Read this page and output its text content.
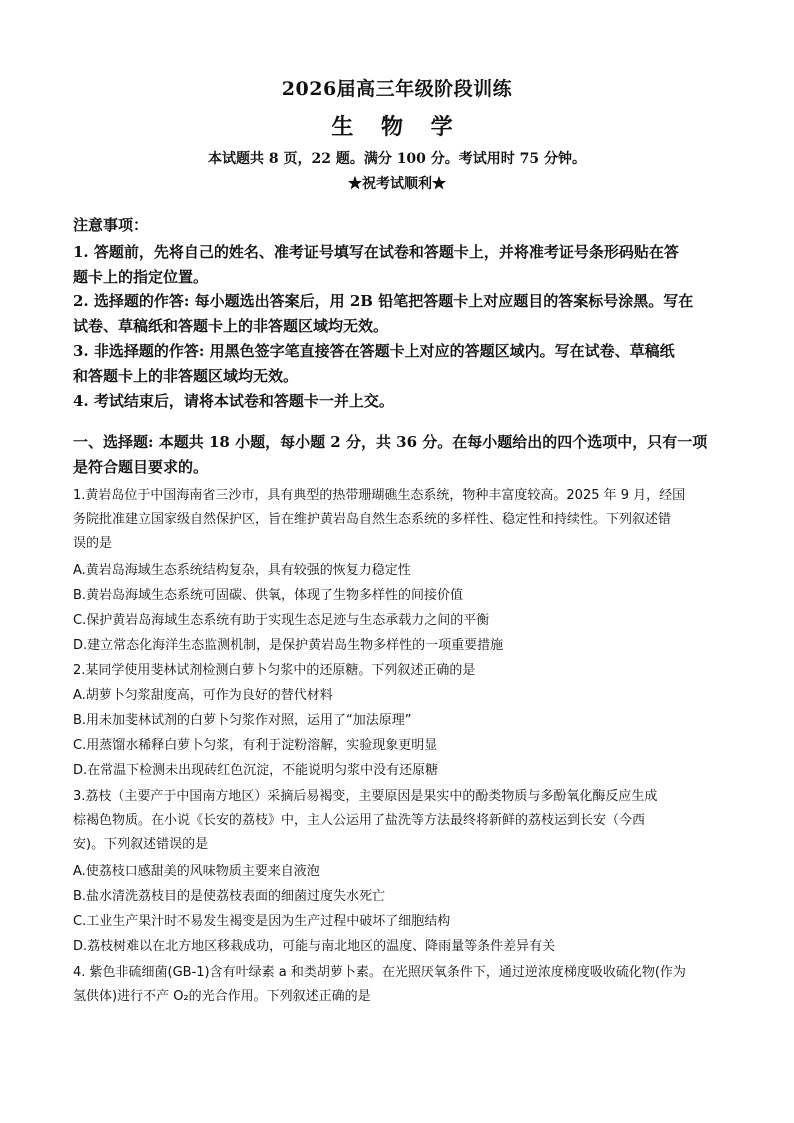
2026届高三年级阶段训练
生 物 学
本试题共 8 页，22 题。满分 100 分。考试用时 75 分钟。
★祝考试顺利★
注意事项：
1. 答题前，先将自己的姓名、准考证号填写在试卷和答题卡上，并将准考证号条形码贴在答
题卡上的指定位置。
2. 选择题的作答: 每小题选出答案后，用 2B 铅笔把答题卡上对应题目的答案标号涂黑。写在
试卷、草稿纸和答题卡上的非答题区域均无效。
3. 非选择题的作答: 用黑色签字笔直接答在答题卡上对应的答题区域内。写在试卷、草稿纸
和答题卡上的非答题区域均无效。
4. 考试结束后，请将本试卷和答题卡一并上交。
一、选择题: 本题共 18 小题，每小题 2 分，共 36 分。在每小题给出的四个选项中，只有一项
是符合题目要求的。
1.黄岩岛位于中国海南省三沙市，具有典型的热带珊瑚礁生态系统，物种丰富度较高。2025 年 9 月，经国
务院批准建立国家级自然保护区，旨在维护黄岩岛自然生态系统的多样性、稳定性和持续性。下列叙述错
误的是
A.黄岩岛海域生态系统结构复杂，具有较强的恢复力稳定性
B.黄岩岛海域生态系统可固碳、供氧，体现了生物多样性的间接价值
C.保护黄岩岛海域生态系统有助于实现生态足迹与生态承载力之间的平衡
D.建立常态化海洋生态监测机制，是保护黄岩岛生物多样性的一项重要措施
2.某同学使用斐林试剂检测白萝卜匀浆中的还原糖。下列叙述正确的是
A.胡萝卜匀浆甜度高，可作为良好的替代材料
B.用未加斐林试剂的白萝卜匀浆作对照，运用了“加法原理”
C.用蒸馏水稀释白萝卜匀浆，有利于淀粉溶解，实验现象更明显
D.在常温下检测未出现砖红色沉淀，不能说明匀浆中没有还原糖
3.荔枝（主要产于中国南方地区）采摘后易褐变，主要原因是果实中的酚类物质与多酚氧化酶反应生成
棕褐色物质。在小说《长安的荔枝》中，主人公运用了盐洗等方法最终将新鲜的荔枝运到长安（今西
安)。下列叙述错误的是
A.使荔枝口感甜美的风味物质主要来自液泡
B.盐水清洗荔枝目的是使荔枝表面的细菌过度失水死亡
C.工业生产果汁时不易发生褐变是因为生产过程中破坏了细胞结构
D.荔枝树难以在北方地区移栽成功，可能与南北地区的温度、降雨量等条件差异有关
4. 紫色非硫细菌(GB-1)含有叶绿素 a 和类胡萝卜素。在光照厌氧条件下，通过逆浓度梯度吸收硫化物(作为
氢供体)进行不产 O₂的光合作用。下列叙述正确的是
